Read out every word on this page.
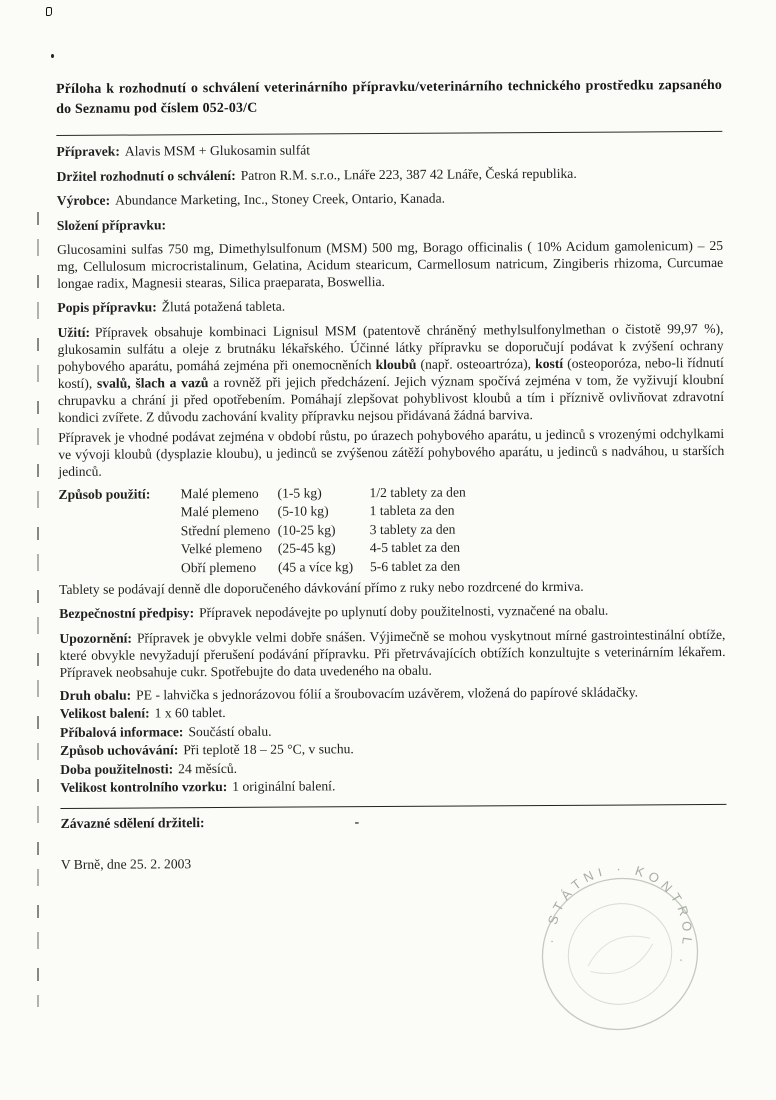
Příloha k rozhodnutí o schválení veterinárního přípravku/veterinárního technického prostředku zapsaného do Seznamu pod číslem 052-03/C

Přípravek: Alavis MSM + Glukosamin sulfát

Držitel rozhodnutí o schválení: Patron R.M. s.r.o., Lnáře 223, 387 42 Lnáře, Česká republika.

Výrobce: Abundance Marketing, Inc., Stoney Creek, Ontario, Kanada.

Složení přípravku:

Glucosamini sulfas 750 mg, Dimethylsulfonum (MSM) 500 mg, Borago officinalis ( 10% Acidum gamolenicum) – 25 mg, Cellulosum microcristalinum, Gelatina, Acidum stearicum, Carmellosum natricum, Zingiberis rhizoma, Curcumae longae radix, Magnesii stearas, Silica praeparata, Boswellia.

Popis přípravku: Žlutá potažená tableta.

Užití: Přípravek obsahuje kombinaci Lignisul MSM (patentově chráněný methylsulfonylmethan o čistotě 99,97 %), glukosamin sulfátu a oleje z brutnáku lékařského. Účinné látky přípravku se doporučují podávat k zvýšení ochrany pohybového aparátu, pomáhá zejména při onemocněních kloubů (např. osteoartróza), kostí (osteoporóza, nebo-li řídnutí kostí), svalů, šlach a vazů a rovněž při jejich předcházení. Jejich význam spočívá zejména v tom, že vyživují kloubní chrupavku a chrání ji před opotřebením. Pomáhají zlepšovat pohyblivost kloubů a tím i příznivě ovlivňovat zdravotní kondici zvířete. Z důvodu zachování kvality přípravku nejsou přidávaná žádná barviva.

Přípravek je vhodné podávat zejména v období růstu, po úrazech pohybového aparátu, u jedinců s vrozenými odchylkami ve vývoji kloubů (dysplazie kloubu), u jedinců se zvýšenou zátěží pohybového aparátu, u jedinců s nadváhou, u starších jedinců.

Způsob použití:	Malé plemeno	(1-5 kg)	1/2 tablety za den
Malé plemeno	(5-10 kg)	1 tableta za den
Střední plemeno (10-25 kg)	3 tablety za den
Velké plemeno	(25-45 kg)	4-5 tablet za den
Obří plemeno	(45 a více kg)	5-6 tablet za den

Tablety se podávají denně dle doporučeného dávkování přímo z ruky nebo rozdrcené do krmiva.

Bezpečnostní předpisy: Přípravek nepodávejte po uplynutí doby použitelnosti, vyznačené na obalu.

Upozornění: Přípravek je obvykle velmi dobře snášen. Výjimečně se mohou vyskytnout mírné gastrointestinální obtíže, které obvykle nevyžadují přerušení podávání přípravku. Při přetrvávajících obtížích konzultujte s veterinárním lékařem. Přípravek neobsahuje cukr. Spotřebujte do data uvedeného na obalu.

Druh obalu: PE - lahvička s jednorázovou fólií a šroubovacím uzávěrem, vložená do papírové skládačky.

Velikost balení: 1 x 60 tablet.

Příbalová informace: Součástí obalu.

Způsob uchovávání: Při teplotě 18 – 25 °C, v suchu.

Doba použitelnosti: 24 měsíců.

Velikost kontrolního vzorku: 1 originální balení.

Závazné sdělení držiteli:	-

V Brně, dne 25. 2. 2003

· STÁTNÍ · KONTROL ·
